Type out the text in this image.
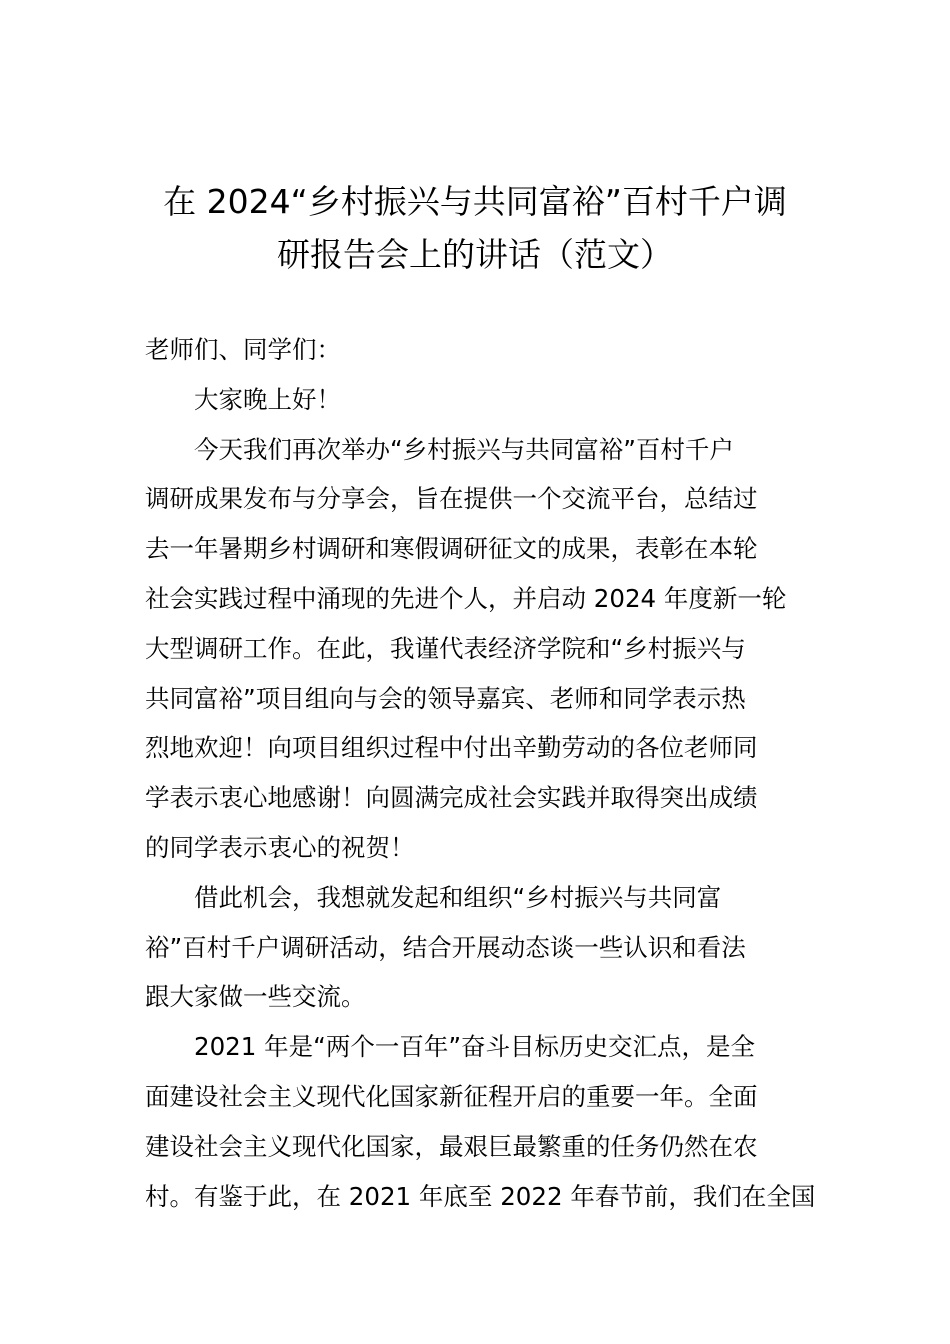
在 2024“乡村振兴与共同富裕”百村千户调
研报告会上的讲话（范文）

老师们、同学们：

大家晚上好！

今天我们再次举办“乡村振兴与共同富裕”百村千户
调研成果发布与分享会，旨在提供一个交流平台，总结过
去一年暑期乡村调研和寒假调研征文的成果，表彰在本轮
社会实践过程中涌现的先进个人，并启动 2024 年度新一轮
大型调研工作。在此，我谨代表经济学院和“乡村振兴与
共同富裕”项目组向与会的领导嘉宾、老师和同学表示热
烈地欢迎！向项目组织过程中付出辛勤劳动的各位老师同
学表示衷心地感谢！向圆满完成社会实践并取得突出成绩
的同学表示衷心的祝贺！

借此机会，我想就发起和组织“乡村振兴与共同富
裕”百村千户调研活动，结合开展动态谈一些认识和看法
跟大家做一些交流。

2021 年是“两个一百年”奋斗目标历史交汇点，是全
面建设社会主义现代化国家新征程开启的重要一年。全面
建设社会主义现代化国家，最艰巨最繁重的任务仍然在农
村。有鉴于此，在 2021 年底至 2022 年春节前，我们在全国
